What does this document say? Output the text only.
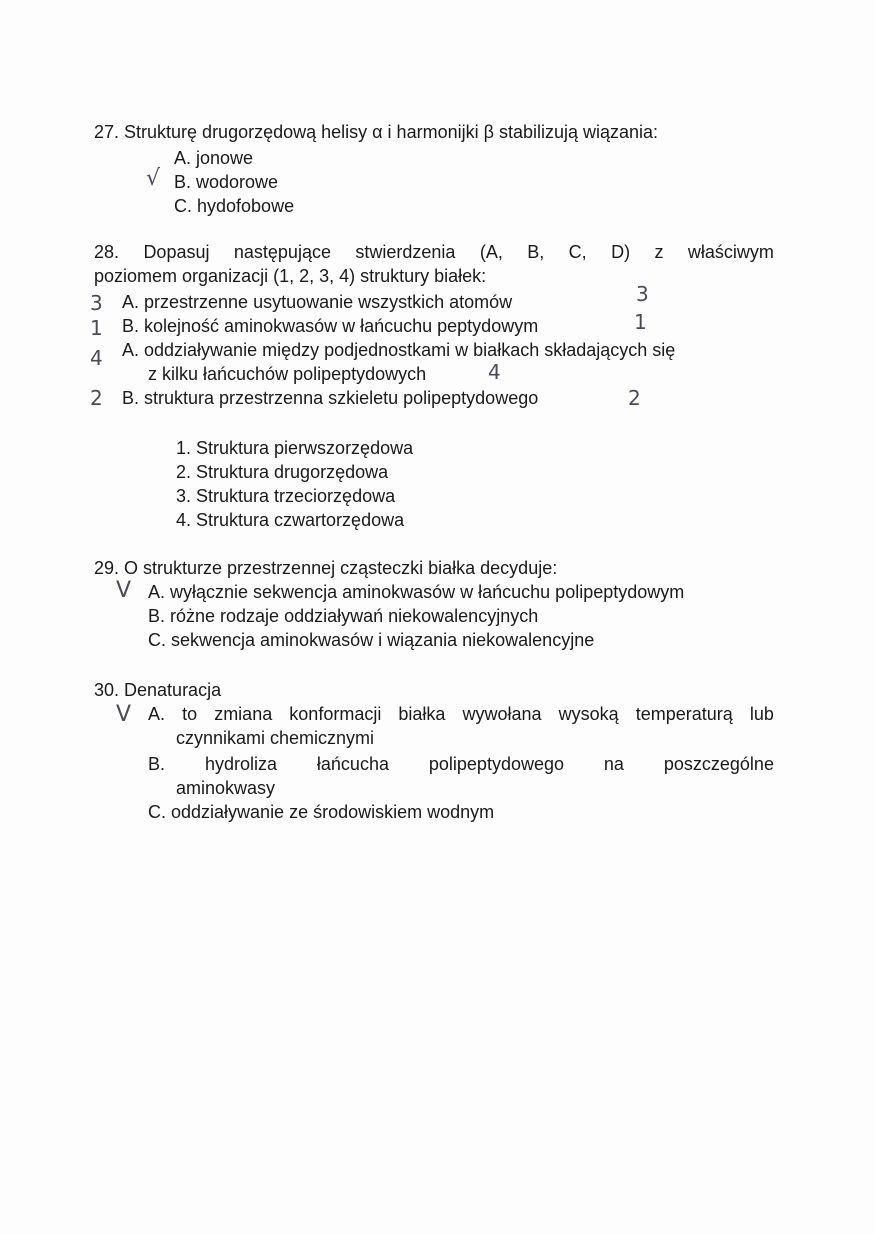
27. Strukturę drugorzędową helisy α i harmonijki β stabilizują wiązania:
A. jonowe
√ B. wodorowe
C. hydofobowe
28. Dopasuj następujące stwierdzenia (A, B, C, D) z właściwym
poziomem organizacji (1, 2, 3, 4) struktury białek:
3 A. przestrzenne usytuowanie wszystkich atomów	3
1 B. kolejność aminokwasów w łańcuchu peptydowym	1
4 A. oddziaływanie między podjednostkami w białkach składających się
z kilku łańcuchów polipeptydowych	4
2 B. struktura przestrzenna szkieletu polipeptydowego	2
1. Struktura pierwszorzędowa
2. Struktura drugorzędowa
3. Struktura trzeciorzędowa
4. Struktura czwartorzędowa
29. O strukturze przestrzennej cząsteczki białka decyduje:
V A. wyłącznie sekwencja aminokwasów w łańcuchu polipeptydowym
B. różne rodzaje oddziaływań niekowalencyjnych
C. sekwencja aminokwasów i wiązania niekowalencyjne
30. Denaturacja
V A. to zmiana konformacji białka wywołana wysoką temperaturą lub
czynnikami chemicznymi
B. hydroliza łańcucha polipeptydowego na poszczególne
aminokwasy
C. oddziaływanie ze środowiskiem wodnym
